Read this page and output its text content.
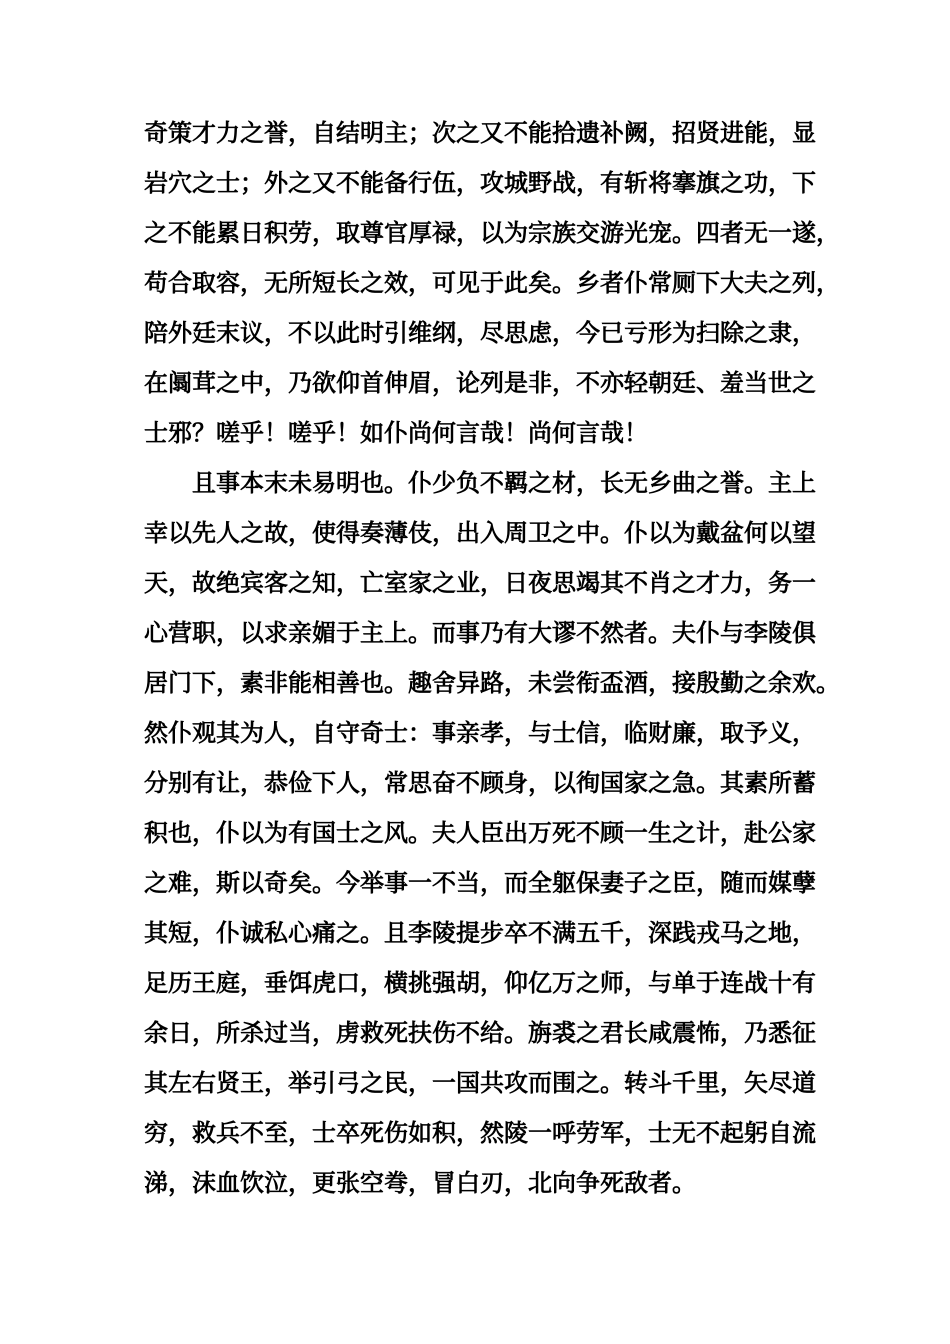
奇策才力之誉，自结明主；次之又不能拾遗补阙，招贤进能，显
岩穴之士；外之又不能备行伍，攻城野战，有斩将搴旗之功，下
之不能累日积劳，取尊官厚禄，以为宗族交游光宠。四者无一遂，
苟合取容，无所短长之效，可见于此矣。乡者仆常厕下大夫之列，
陪外廷末议，不以此时引维纲，尽思虑，今已亏形为扫除之隶，
在阘茸之中，乃欲仰首伸眉，论列是非，不亦轻朝廷、羞当世之
士邪？嗟乎！嗟乎！如仆尚何言哉！尚何言哉！
且事本末未易明也。仆少负不羁之材，长无乡曲之誉。主上
幸以先人之故，使得奏薄伎，出入周卫之中。仆以为戴盆何以望
天，故绝宾客之知，亡室家之业，日夜思竭其不肖之才力，务一
心营职，以求亲媚于主上。而事乃有大谬不然者。夫仆与李陵俱
居门下，素非能相善也。趣舍异路，未尝衔盃酒，接殷勤之余欢。
然仆观其为人，自守奇士：事亲孝，与士信，临财廉，取予义，
分别有让，恭俭下人，常思奋不顾身，以徇国家之急。其素所蓄
积也，仆以为有国士之风。夫人臣出万死不顾一生之计，赴公家
之难，斯以奇矣。今举事一不当，而全躯保妻子之臣，随而媒孽
其短，仆诚私心痛之。且李陵提步卒不满五千，深践戎马之地，
足历王庭，垂饵虎口，横挑强胡，仰亿万之师，与单于连战十有
余日，所杀过当，虏救死扶伤不给。旃裘之君长咸震怖，乃悉征
其左右贤王，举引弓之民，一国共攻而围之。转斗千里，矢尽道
穷，救兵不至，士卒死伤如积，然陵一呼劳军，士无不起躬自流
涕，沫血饮泣，更张空弮，冒白刃，北向争死敌者。
